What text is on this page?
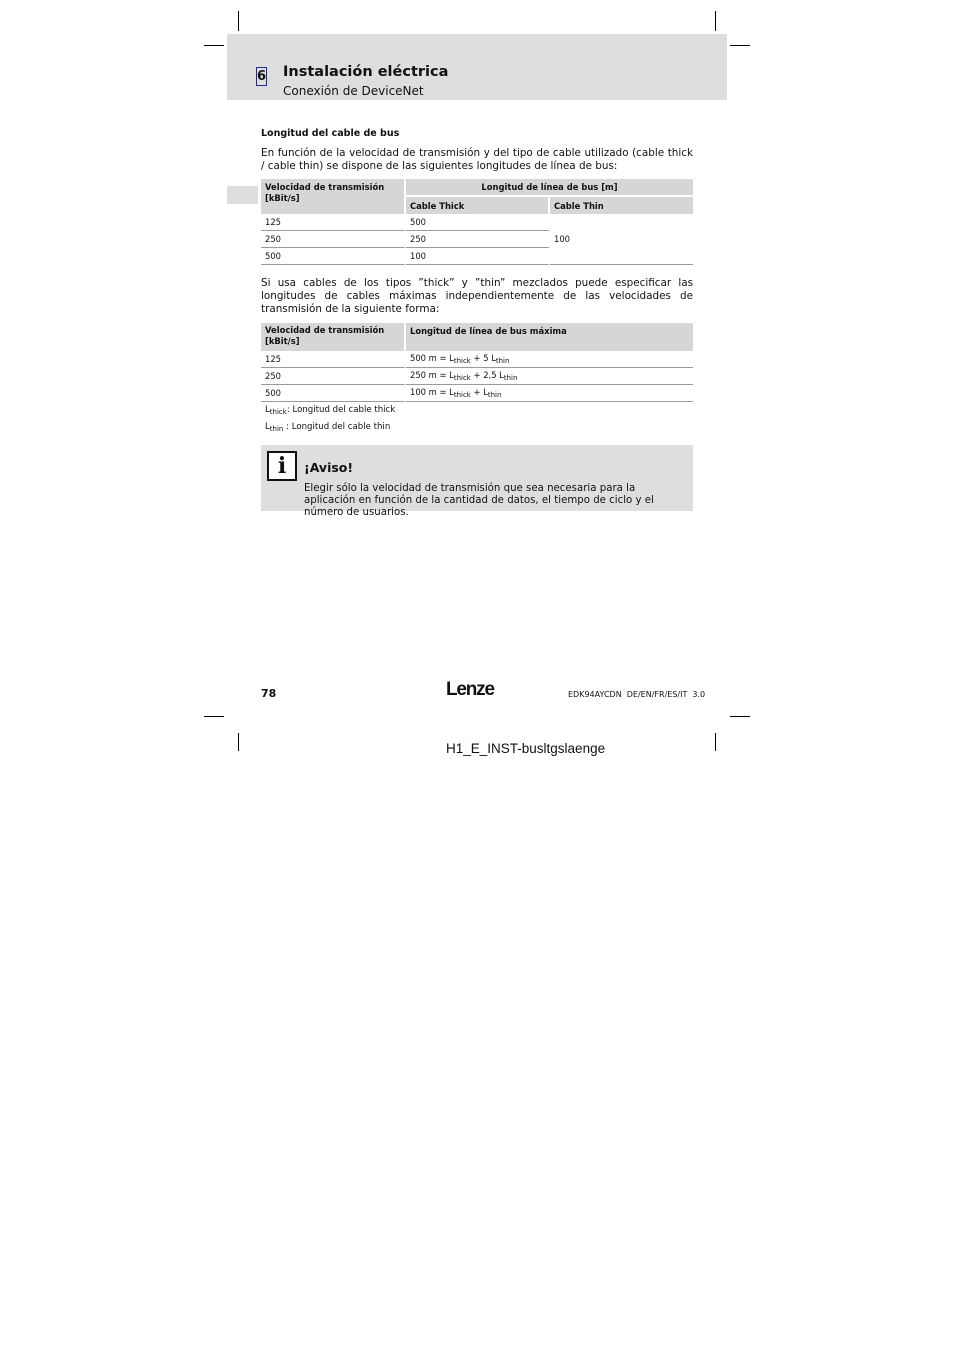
6 Instalación eléctrica
Conexión de DeviceNet
Longitud del cable de bus
En función de la velocidad de transmisión y del tipo de cable utilizado (cable thick / cable thin) se dispone de las siguientes longitudes de línea de bus:
Velocidad de transmisión [kBit/s]	Longitud de línea de bus [m]	
	Cable Thick	Cable Thin
125	500	100
250	250	
500	100	
Si usa cables de los tipos ”thick” y ”thin” mezclados puede especificar las longitudes de cables máximas independientemente de las velocidades de transmisión de la siguiente forma:
Velocidad de transmisión [kBit/s]	Longitud de línea de bus máxima
125	500 $m = L_{thick} + 5$ $L_{thin}$
250	250 $m = L_{thick} + 2,5$ $L_{thin}$
500	100 $m = L_{thick} + L_{thin}$
$L_{thick}$: Longitud del cable thick
$L_{thin}$ : Longitud del cable thin
i	¡Aviso!
Elegir sólo la velocidad de transmisión que sea necesaria para la aplicación en función de la cantidad de datos, el tiempo de ciclo y el número de usuarios.
78	Lenze	EDK94AYCDN  DE/EN/FR/ES/IT  3.0
H1_E_INST-busltgslaenge
